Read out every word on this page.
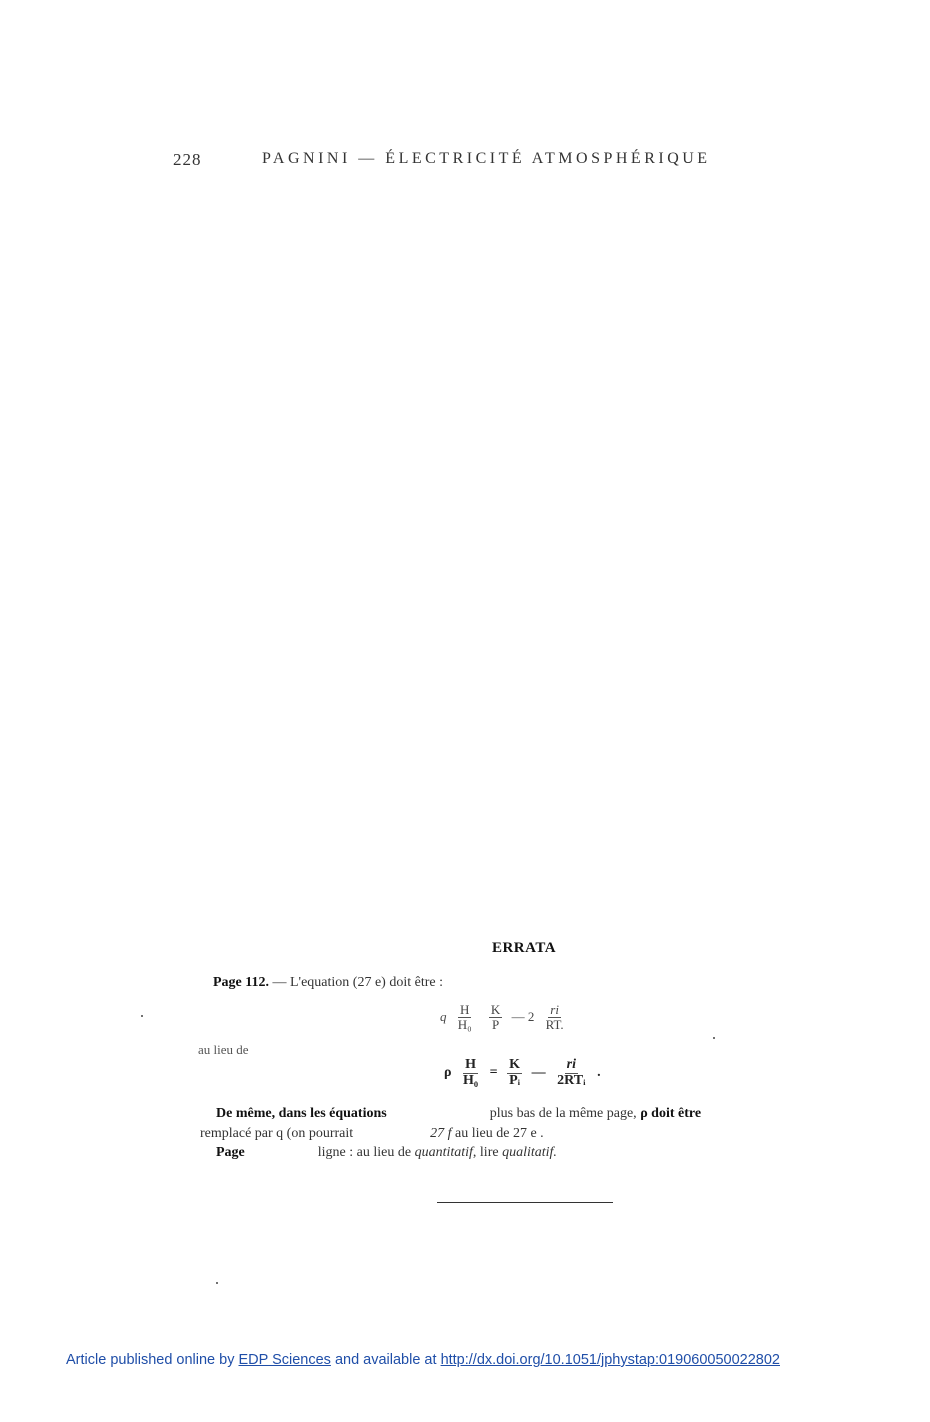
228	PAGNINI — ÉLECTRICITÉ ATMOSPHÉRIQUE
ERRATA
Page 112. — L'equation (27 e) doit être :
q $\frac{H}{\text{H₀}}$
$\frac{K}{P}$ — $2 \frac{ri}{RT.}$
au lieu de
ρ $\frac{H}{\text{H₀}} = \frac{K}{\text{Pᵢ}}$ — $\frac{ri}{\text{2RTᵢ}}$ .
De même, dans les équations	plus bas de la même page, ρ doit être
remplacé par q (on pourrait	27 f au lieu de 27 e .
Page	ligne : au lieu de quantitatif, lire qualitatif.
Article published online by EDP Sciences and available at http://dx.doi.org/10.1051/jphystap:019060050022802
